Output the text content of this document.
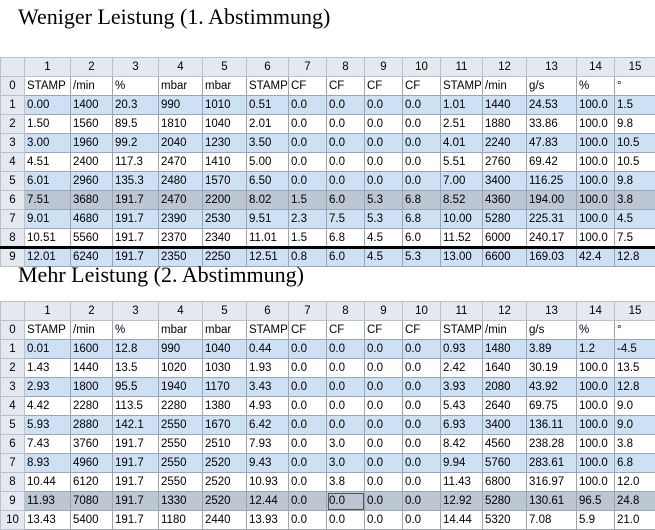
Weniger Leistung (1. Abstimmung)
	1	2	3	4	5	6	7	8	9	10	11	12	13	14	15
0	STAMP	/min	%	mbar	mbar	STAMP	CF	CF	CF	CF	STAMP	/min	g/s	%	°
1	0.00	1400	20.3	990	1010	0.51	0.0	0.0	0.0	0.0	1.01	1440	24.53	100.0	1.5
2	1.50	1560	89.5	1810	1040	2.01	0.0	0.0	0.0	0.0	2.51	1880	33.86	100.0	9.8
3	3.00	1960	99.2	2040	1230	3.50	0.0	0.0	0.0	0.0	4.01	2240	47.83	100.0	10.5
4	4.51	2400	117.3	2470	1410	5.00	0.0	0.0	0.0	0.0	5.51	2760	69.42	100.0	10.5
5	6.01	2960	135.3	2480	1570	6.50	0.0	0.0	0.0	0.0	7.00	3400	116.25	100.0	9.8
6	7.51	3680	191.7	2470	2200	8.02	1.5	6.0	5.3	6.8	8.52	4360	194.00	100.0	3.8
7	9.01	4680	191.7	2390	2530	9.51	2.3	7.5	5.3	6.8	10.00	5280	225.31	100.0	4.5
8	10.51	5560	191.7	2370	2340	11.01	1.5	6.8	4.5	6.0	11.52	6000	240.17	100.0	7.5
9	12.01	6240	191.7	2350	2250	12.51	0.8	6.0	4.5	5.3	13.00	6600	169.03	42.4	12.8
Mehr Leistung (2. Abstimmung)
	1	2	3	4	5	6	7	8	9	10	11	12	13	14	15
0	STAMP	/min	%	mbar	mbar	STAMP	CF	CF	CF	CF	STAMP	/min	g/s	%	°
1	0.01	1600	12.8	990	1040	0.44	0.0	0.0	0.0	0.0	0.93	1480	3.89	1.2	-4.5
2	1.43	1440	13.5	1020	1030	1.93	0.0	0.0	0.0	0.0	2.42	1640	30.19	100.0	13.5
3	2.93	1800	95.5	1940	1170	3.43	0.0	0.0	0.0	0.0	3.93	2080	43.92	100.0	12.8
4	4.42	2280	113.5	2280	1380	4.93	0.0	0.0	0.0	0.0	5.43	2640	69.75	100.0	9.0
5	5.93	2880	142.1	2550	1670	6.42	0.0	0.0	0.0	0.0	6.93	3400	136.11	100.0	9.0
6	7.43	3760	191.7	2550	2510	7.93	0.0	3.0	0.0	0.0	8.42	4560	238.28	100.0	3.8
7	8.93	4960	191.7	2550	2520	9.43	0.0	3.0	0.0	0.0	9.94	5760	283.61	100.0	6.8
8	10.44	6120	191.7	2550	2520	10.93	0.0	3.8	0.0	0.0	11.43	6800	316.97	100.0	12.0
9	11.93	7080	191.7	1330	2520	12.44	0.0	0.0	0.0	0.0	12.92	5280	130.61	96.5	24.8
10	13.43	5400	191.7	1180	2440	13.93	0.0	0.0	0.0	0.0	14.44	5320	7.08	5.9	21.0
